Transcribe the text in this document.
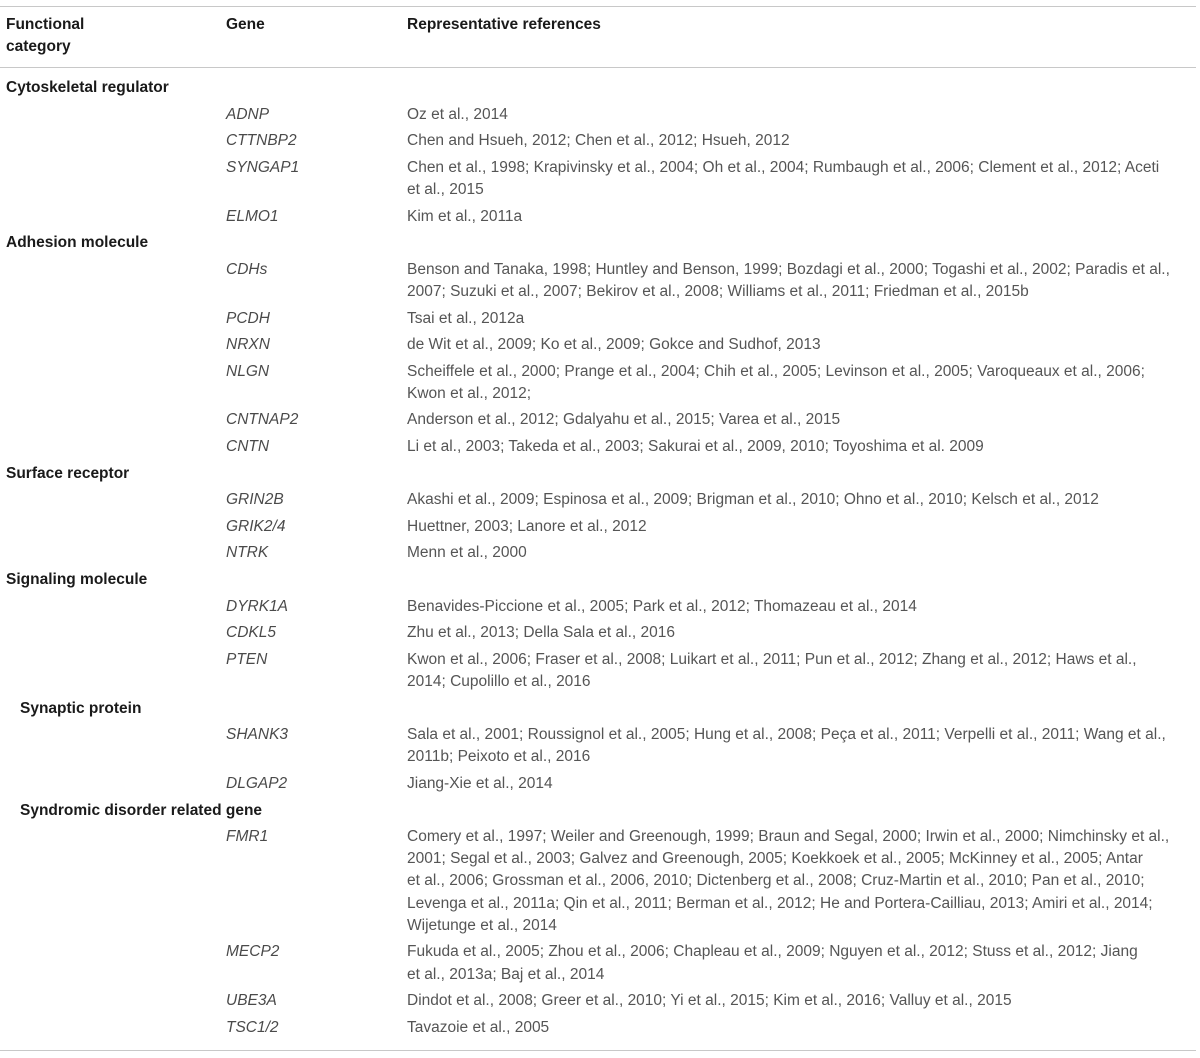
Functional
category
Gene	Representative references
Cytoskeletal regulator
ADNP	Oz et al., 2014
CTTNBP2	Chen and Hsueh, 2012; Chen et al., 2012; Hsueh, 2012
SYNGAP1	Chen et al., 1998; Krapivinsky et al., 2004; Oh et al., 2004; Rumbaugh et al., 2006; Clement et al., 2012; Aceti
et al., 2015
ELMO1	Kim et al., 2011a
Adhesion molecule
CDHs	Benson and Tanaka, 1998; Huntley and Benson, 1999; Bozdagi et al., 2000; Togashi et al., 2002; Paradis et al.,
2007; Suzuki et al., 2007; Bekirov et al., 2008; Williams et al., 2011; Friedman et al., 2015b
PCDH	Tsai et al., 2012a
NRXN	de Wit et al., 2009; Ko et al., 2009; Gokce and Sudhof, 2013
NLGN	Scheiffele et al., 2000; Prange et al., 2004; Chih et al., 2005; Levinson et al., 2005; Varoqueaux et al., 2006;
Kwon et al., 2012;
CNTNAP2	Anderson et al., 2012; Gdalyahu et al., 2015; Varea et al., 2015
CNTN	Li et al., 2003; Takeda et al., 2003; Sakurai et al., 2009, 2010; Toyoshima et al. 2009
Surface receptor
GRIN2B	Akashi et al., 2009; Espinosa et al., 2009; Brigman et al., 2010; Ohno et al., 2010; Kelsch et al., 2012
GRIK2/4	Huettner, 2003; Lanore et al., 2012
NTRK	Menn et al., 2000
Signaling molecule
DYRK1A	Benavides-Piccione et al., 2005; Park et al., 2012; Thomazeau et al., 2014
CDKL5	Zhu et al., 2013; Della Sala et al., 2016
PTEN	Kwon et al., 2006; Fraser et al., 2008; Luikart et al., 2011; Pun et al., 2012; Zhang et al., 2012; Haws et al.,
2014; Cupolillo et al., 2016
Synaptic protein
SHANK3	Sala et al., 2001; Roussignol et al., 2005; Hung et al., 2008; Peça et al., 2011; Verpelli et al., 2011; Wang et al.,
2011b; Peixoto et al., 2016
DLGAP2	Jiang-Xie et al., 2014
Syndromic disorder related gene
FMR1	Comery et al., 1997; Weiler and Greenough, 1999; Braun and Segal, 2000; Irwin et al., 2000; Nimchinsky et al.,
2001; Segal et al., 2003; Galvez and Greenough, 2005; Koekkoek et al., 2005; McKinney et al., 2005; Antar
et al., 2006; Grossman et al., 2006, 2010; Dictenberg et al., 2008; Cruz-Martin et al., 2010; Pan et al., 2010;
Levenga et al., 2011a; Qin et al., 2011; Berman et al., 2012; He and Portera-Cailliau, 2013; Amiri et al., 2014;
Wijetunge et al., 2014
MECP2	Fukuda et al., 2005; Zhou et al., 2006; Chapleau et al., 2009; Nguyen et al., 2012; Stuss et al., 2012; Jiang
et al., 2013a; Baj et al., 2014
UBE3A	Dindot et al., 2008; Greer et al., 2010; Yi et al., 2015; Kim et al., 2016; Valluy et al., 2015
TSC1/2	Tavazoie et al., 2005
